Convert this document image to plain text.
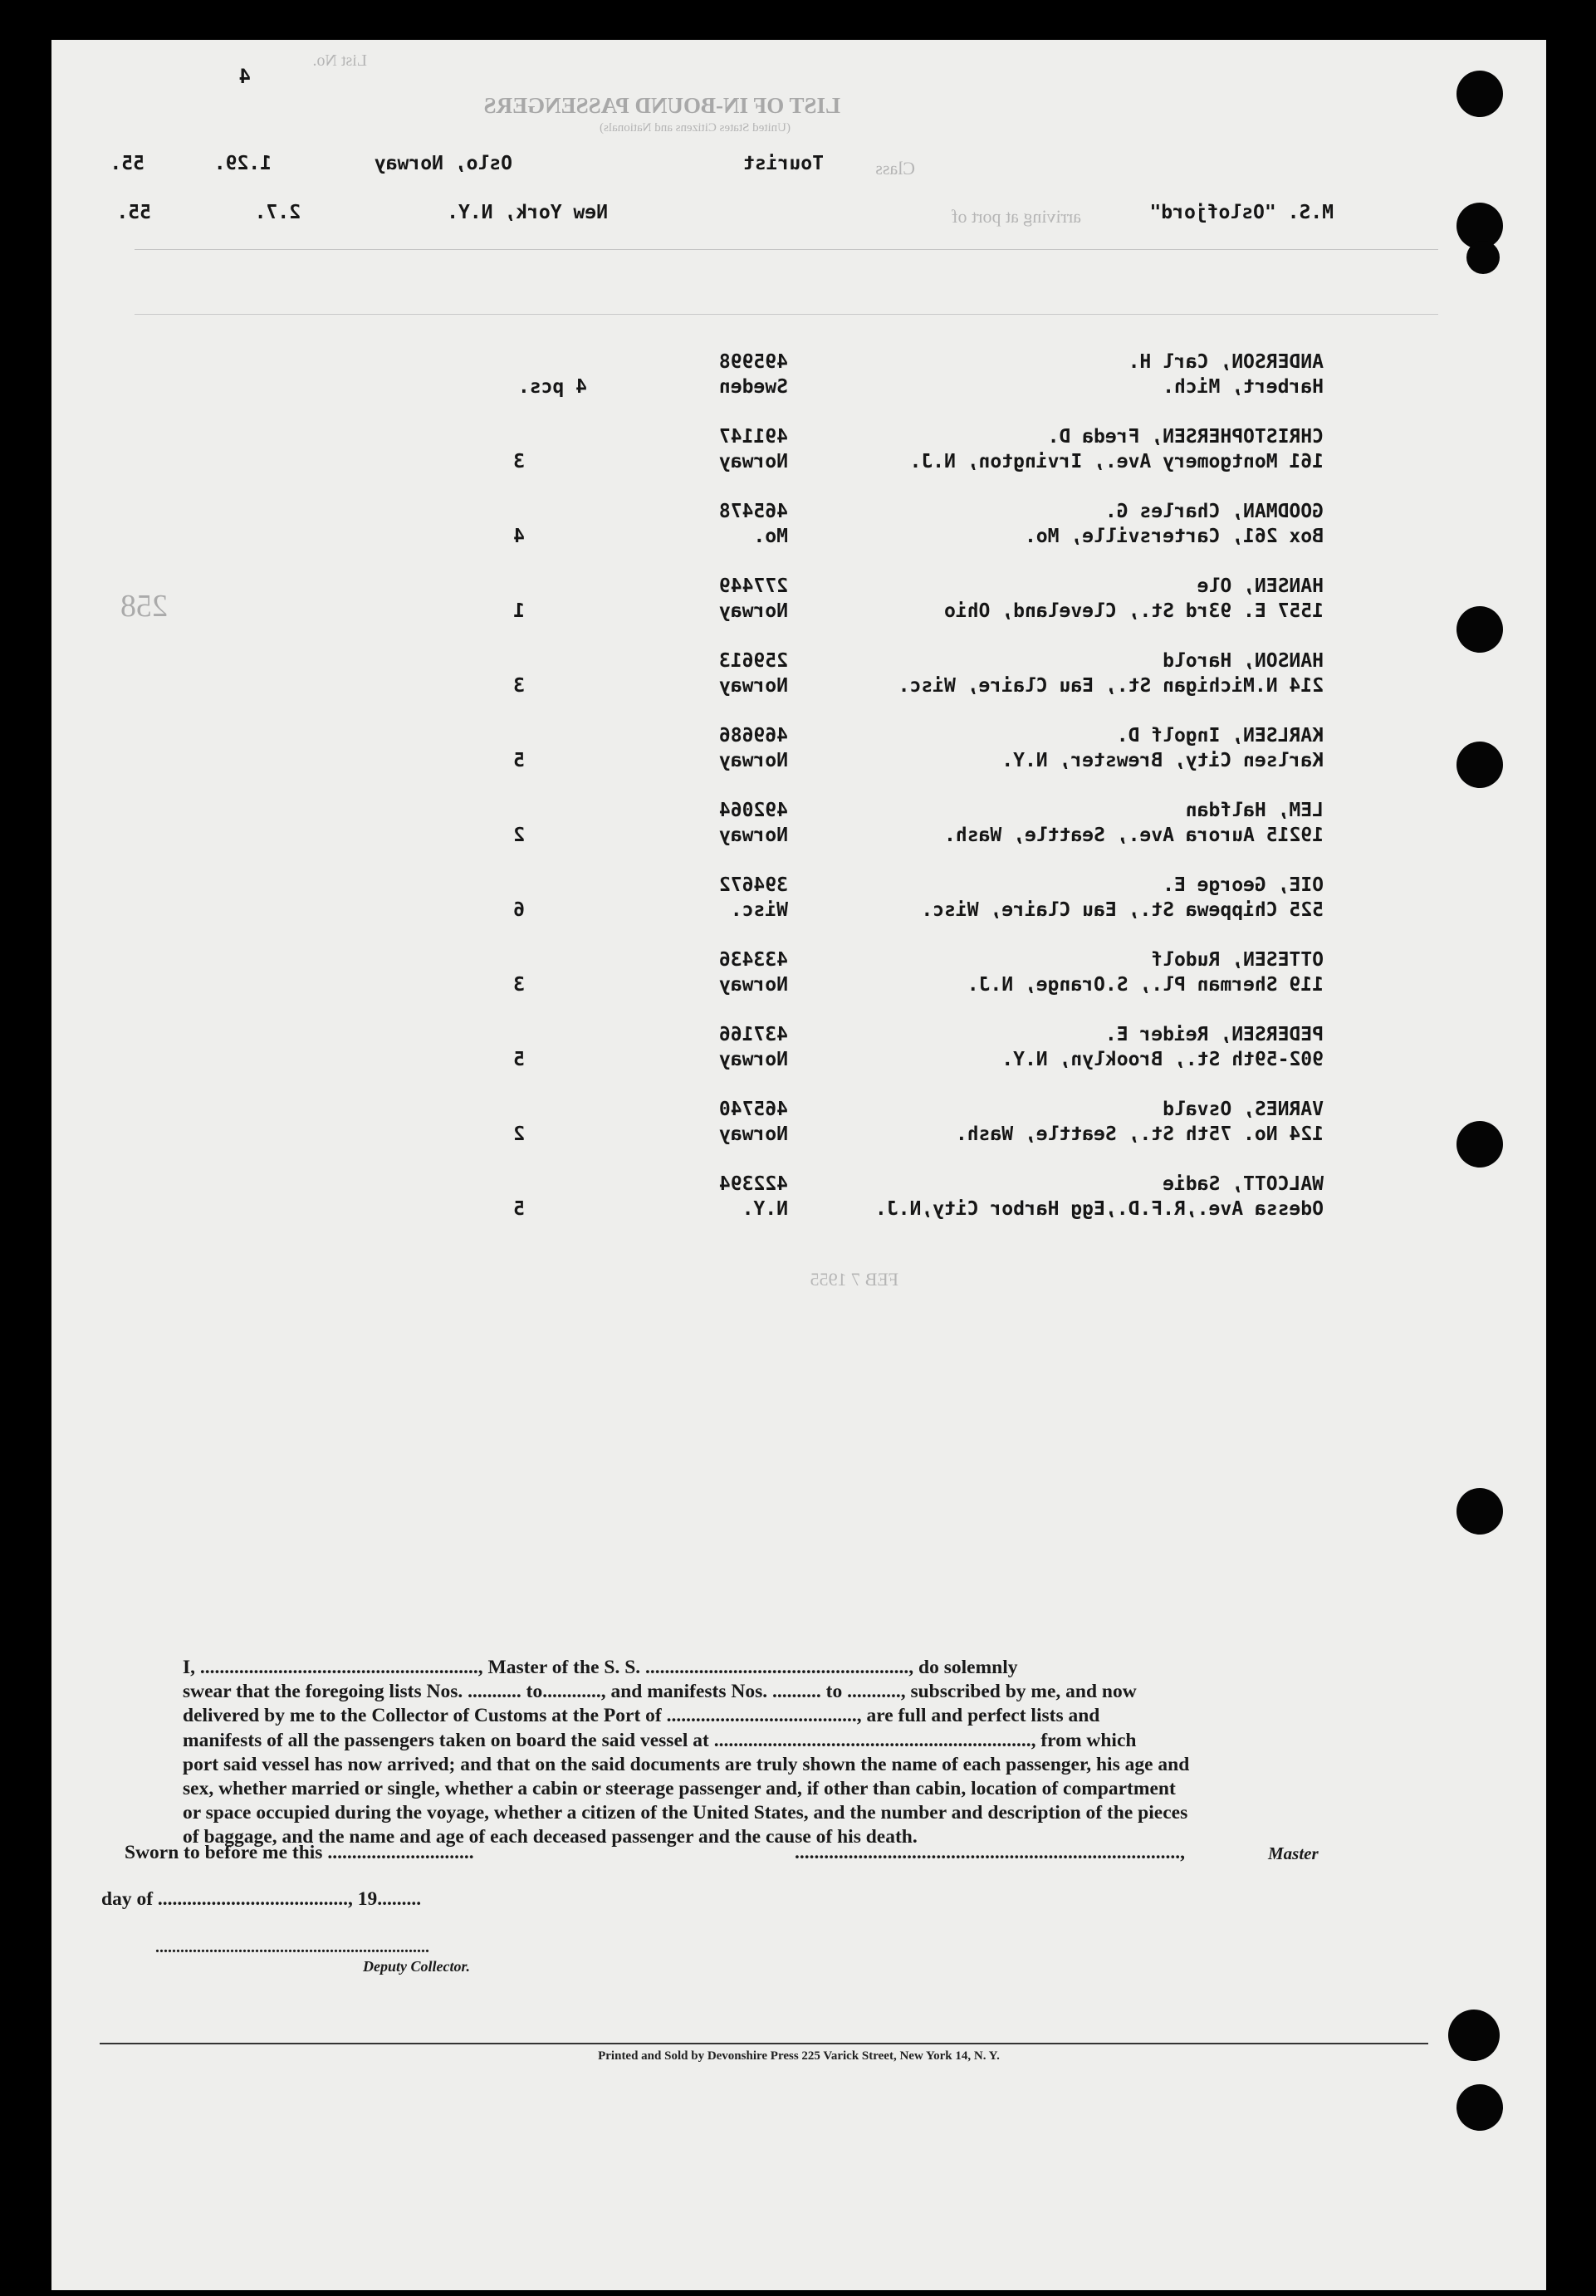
List No.
4
LIST OF IN-BOUND PASSENGERS
(United States Citizens and Nationals)
Class
Tourist
Oslo, Norway
1.29.
55.
M.S. "Oslofjord"
arriving at port of
New York, N.Y.
2.7.
55.
258
FEB 7 1955
ANDERSON, Carl H.
Harbert, Mich.
495998
Sweden
4 pcs.
CHRISTOPHERSEN, Freda D.
161 Montgomery Ave., Irvington, N.J.
491147
Norway
3
GOODMAN, Charles G.
Box 261, Cartersville, Mo.
465478
Mo.
4
HANSEN, Ole
1557 E. 93rd St., Cleveland, Ohio
277449
Norway
1
HANSON, Harold
214 N.Michigan St., Eau Claire, Wisc.
259613
Norway
3
KARLSEN, Ingolf D.
Karlsen City, Brewster, N.Y.
469686
Norway
5
LEM, Halfdan
19215 Aurora Ave., Seattle, Wash.
492064
Norway
2
OIE, George E.
525 Chippewa St., Eau Claire, Wisc.
394672
Wisc.
6
OTTESEN, Rudolf
119 Sherman Pl., S.Orange, N.J.
433436
Norway
3
PEDERSEN, Reider E.
902-59th St., Brooklyn, N.Y.
437166
Norway
5
VARNES, Osvald
124 No. 75th St., Seattle, Wash.
465740
Norway
2
WALCOTT, Sadie
Odessa Ave.,R.F.D.,Egg Harbor City,N.J.
422394
N.Y.
5
I, ........................................................., Master of the S. S. ......................................................, do solemnly
swear that the foregoing lists Nos. ........... to............, and manifests Nos. .......... to ..........., subscribed by me, and now
delivered by me to the Collector of Customs at the Port of ......................................., are full and perfect lists and
manifests of all the passengers taken on board the said vessel at ................................................................., from which
port said vessel has now arrived; and that on the said documents are truly shown the name of each passenger, his age and
sex, whether married or single, whether a cabin or steerage passenger and, if other than cabin, location of compartment
or space occupied during the voyage, whether a citizen of the United States, and the number and description of the pieces
of baggage, and the name and age of each deceased passenger and the cause of his death.
Sworn to before me this ..............................	...............................................................................,	Master
day of ......................................., 19.........
..................................................................
Deputy Collector.
Printed and Sold by Devonshire Press 225 Varick Street, New York 14, N. Y.
